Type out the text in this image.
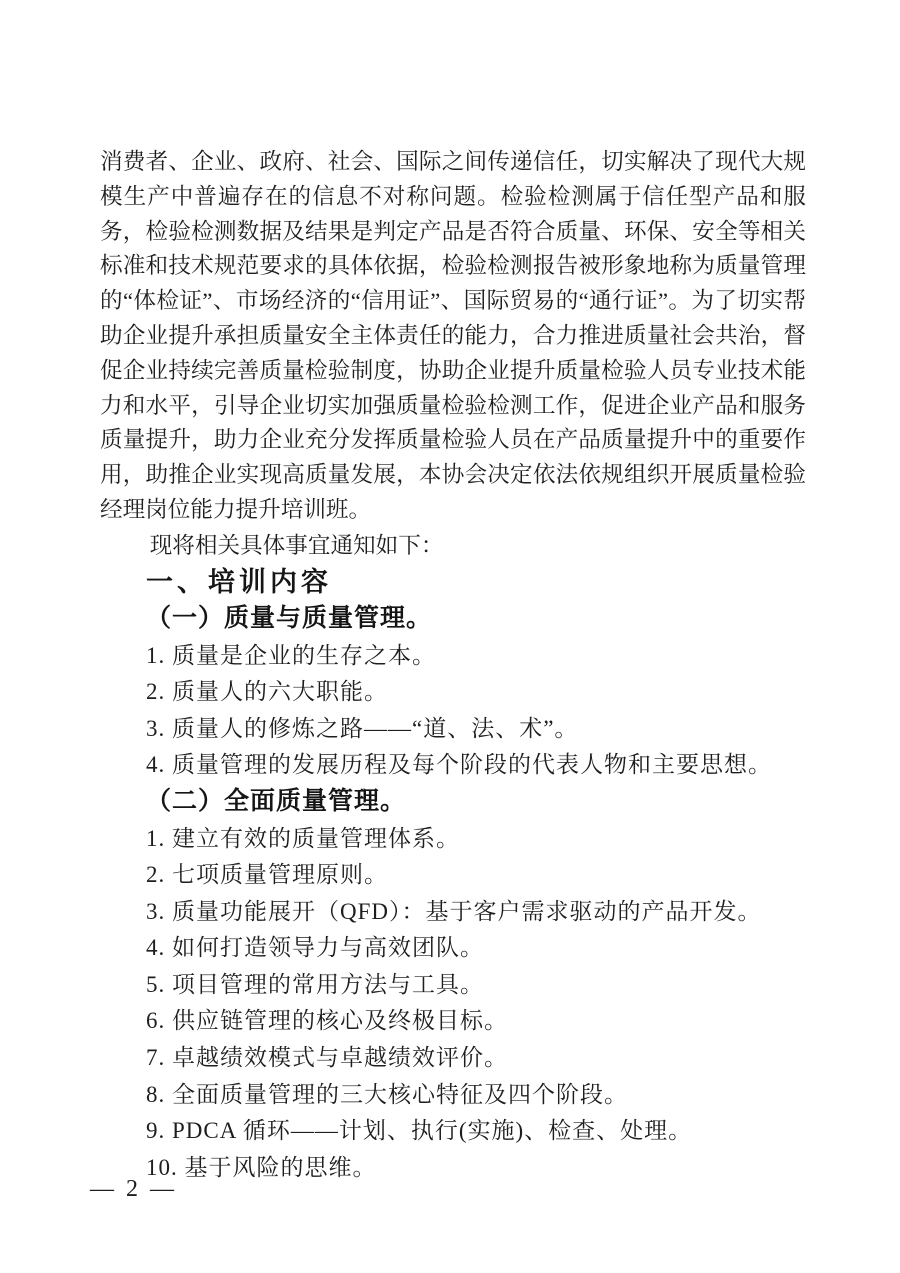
消费者、企业、政府、社会、国际之间传递信任，切实解决了现代大规模生产中普遍存在的信息不对称问题。检验检测属于信任型产品和服务，检验检测数据及结果是判定产品是否符合质量、环保、安全等相关标准和技术规范要求的具体依据，检验检测报告被形象地称为质量管理的“体检证”、市场经济的“信用证”、国际贸易的“通行证”。为了切实帮助企业提升承担质量安全主体责任的能力，合力推进质量社会共治，督促企业持续完善质量检验制度，协助企业提升质量检验人员专业技术能力和水平，引导企业切实加强质量检验检测工作，促进企业产品和服务质量提升，助力企业充分发挥质量检验人员在产品质量提升中的重要作用，助推企业实现高质量发展，本协会决定依法依规组织开展质量检验经理岗位能力提升培训班。

现将相关具体事宜通知如下：

一、培训内容
（一）质量与质量管理。

1. 质量是企业的生存之本。

2. 质量人的六大职能。

3. 质量人的修炼之路——“道、法、术”。

4. 质量管理的发展历程及每个阶段的代表人物和主要思想。

（二）全面质量管理。

1. 建立有效的质量管理体系。

2. 七项质量管理原则。

3. 质量功能展开（QFD）：基于客户需求驱动的产品开发。

4. 如何打造领导力与高效团队。

5. 项目管理的常用方法与工具。

6. 供应链管理的核心及终极目标。

7. 卓越绩效模式与卓越绩效评价。

8. 全面质量管理的三大核心特征及四个阶段。

9. PDCA 循环——计划、执行(实施)、检查、处理。

10. 基于风险的思维。

— 2 —
